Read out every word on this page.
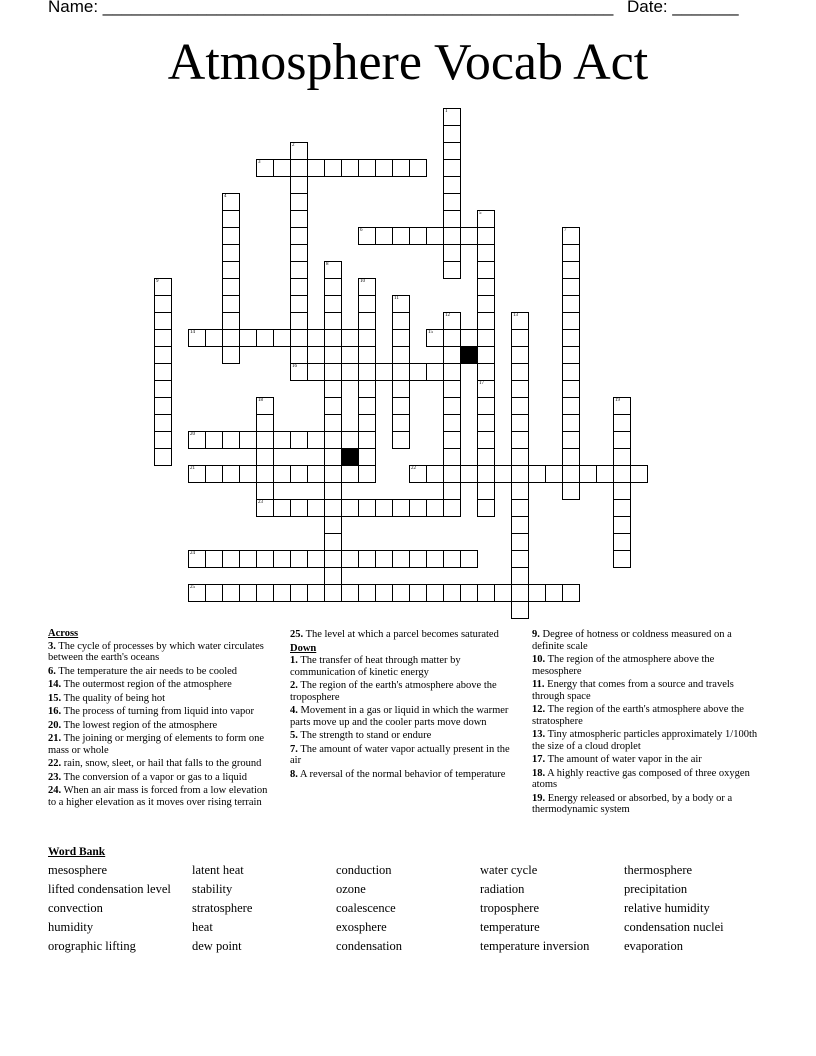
Name: ______________________________________________________ Date: _______
Atmosphere Vocab Act
1
2
3
4
5
17
6	7
8
9	10
11
12	13
14	15
16
18	19
20
21	22
23
24
25
Across
3. The cycle of processes by which water circulates between the earth's oceans
6. The temperature the air needs to be cooled
14. The outermost region of the atmosphere
15. The quality of being hot
16. The process of turning from liquid into vapor
20. The lowest region of the atmosphere
21. The joining or merging of elements to form one mass or whole
22. rain, snow, sleet, or hail that falls to the ground
23. The conversion of a vapor or gas to a liquid
24. When an air mass is forced from a low elevation to a higher elevation as it moves over rising terrain
25. The level at which a parcel becomes saturated
Down
1. The transfer of heat through matter by communication of kinetic energy
2. The region of the earth's atmosphere above the troposphere
4. Movement in a gas or liquid in which the warmer parts move up and the cooler parts move down
5. The strength to stand or endure
7. The amount of water vapor actually present in the air
8. A reversal of the normal behavior of temperature
9. Degree of hotness or coldness measured on a definite scale
10. The region of the atmosphere above the mesosphere
11. Energy that comes from a source and travels through space
12. The region of the earth's atmosphere above the stratosphere
13. Tiny atmospheric particles approximately 1/100th the size of a cloud droplet
17. The amount of water vapor in the air
18. A highly reactive gas composed of three oxygen atoms
19. Energy released or absorbed, by a body or a thermodynamic system
Word Bank
mesosphere
lifted condensation level
convection
humidity
orographic lifting
latent heat
stability
stratosphere
heat
dew point
conduction
ozone
coalescence
exosphere
condensation
water cycle
radiation
troposphere
temperature
temperature inversion
thermosphere
precipitation
relative humidity
condensation nuclei
evaporation
